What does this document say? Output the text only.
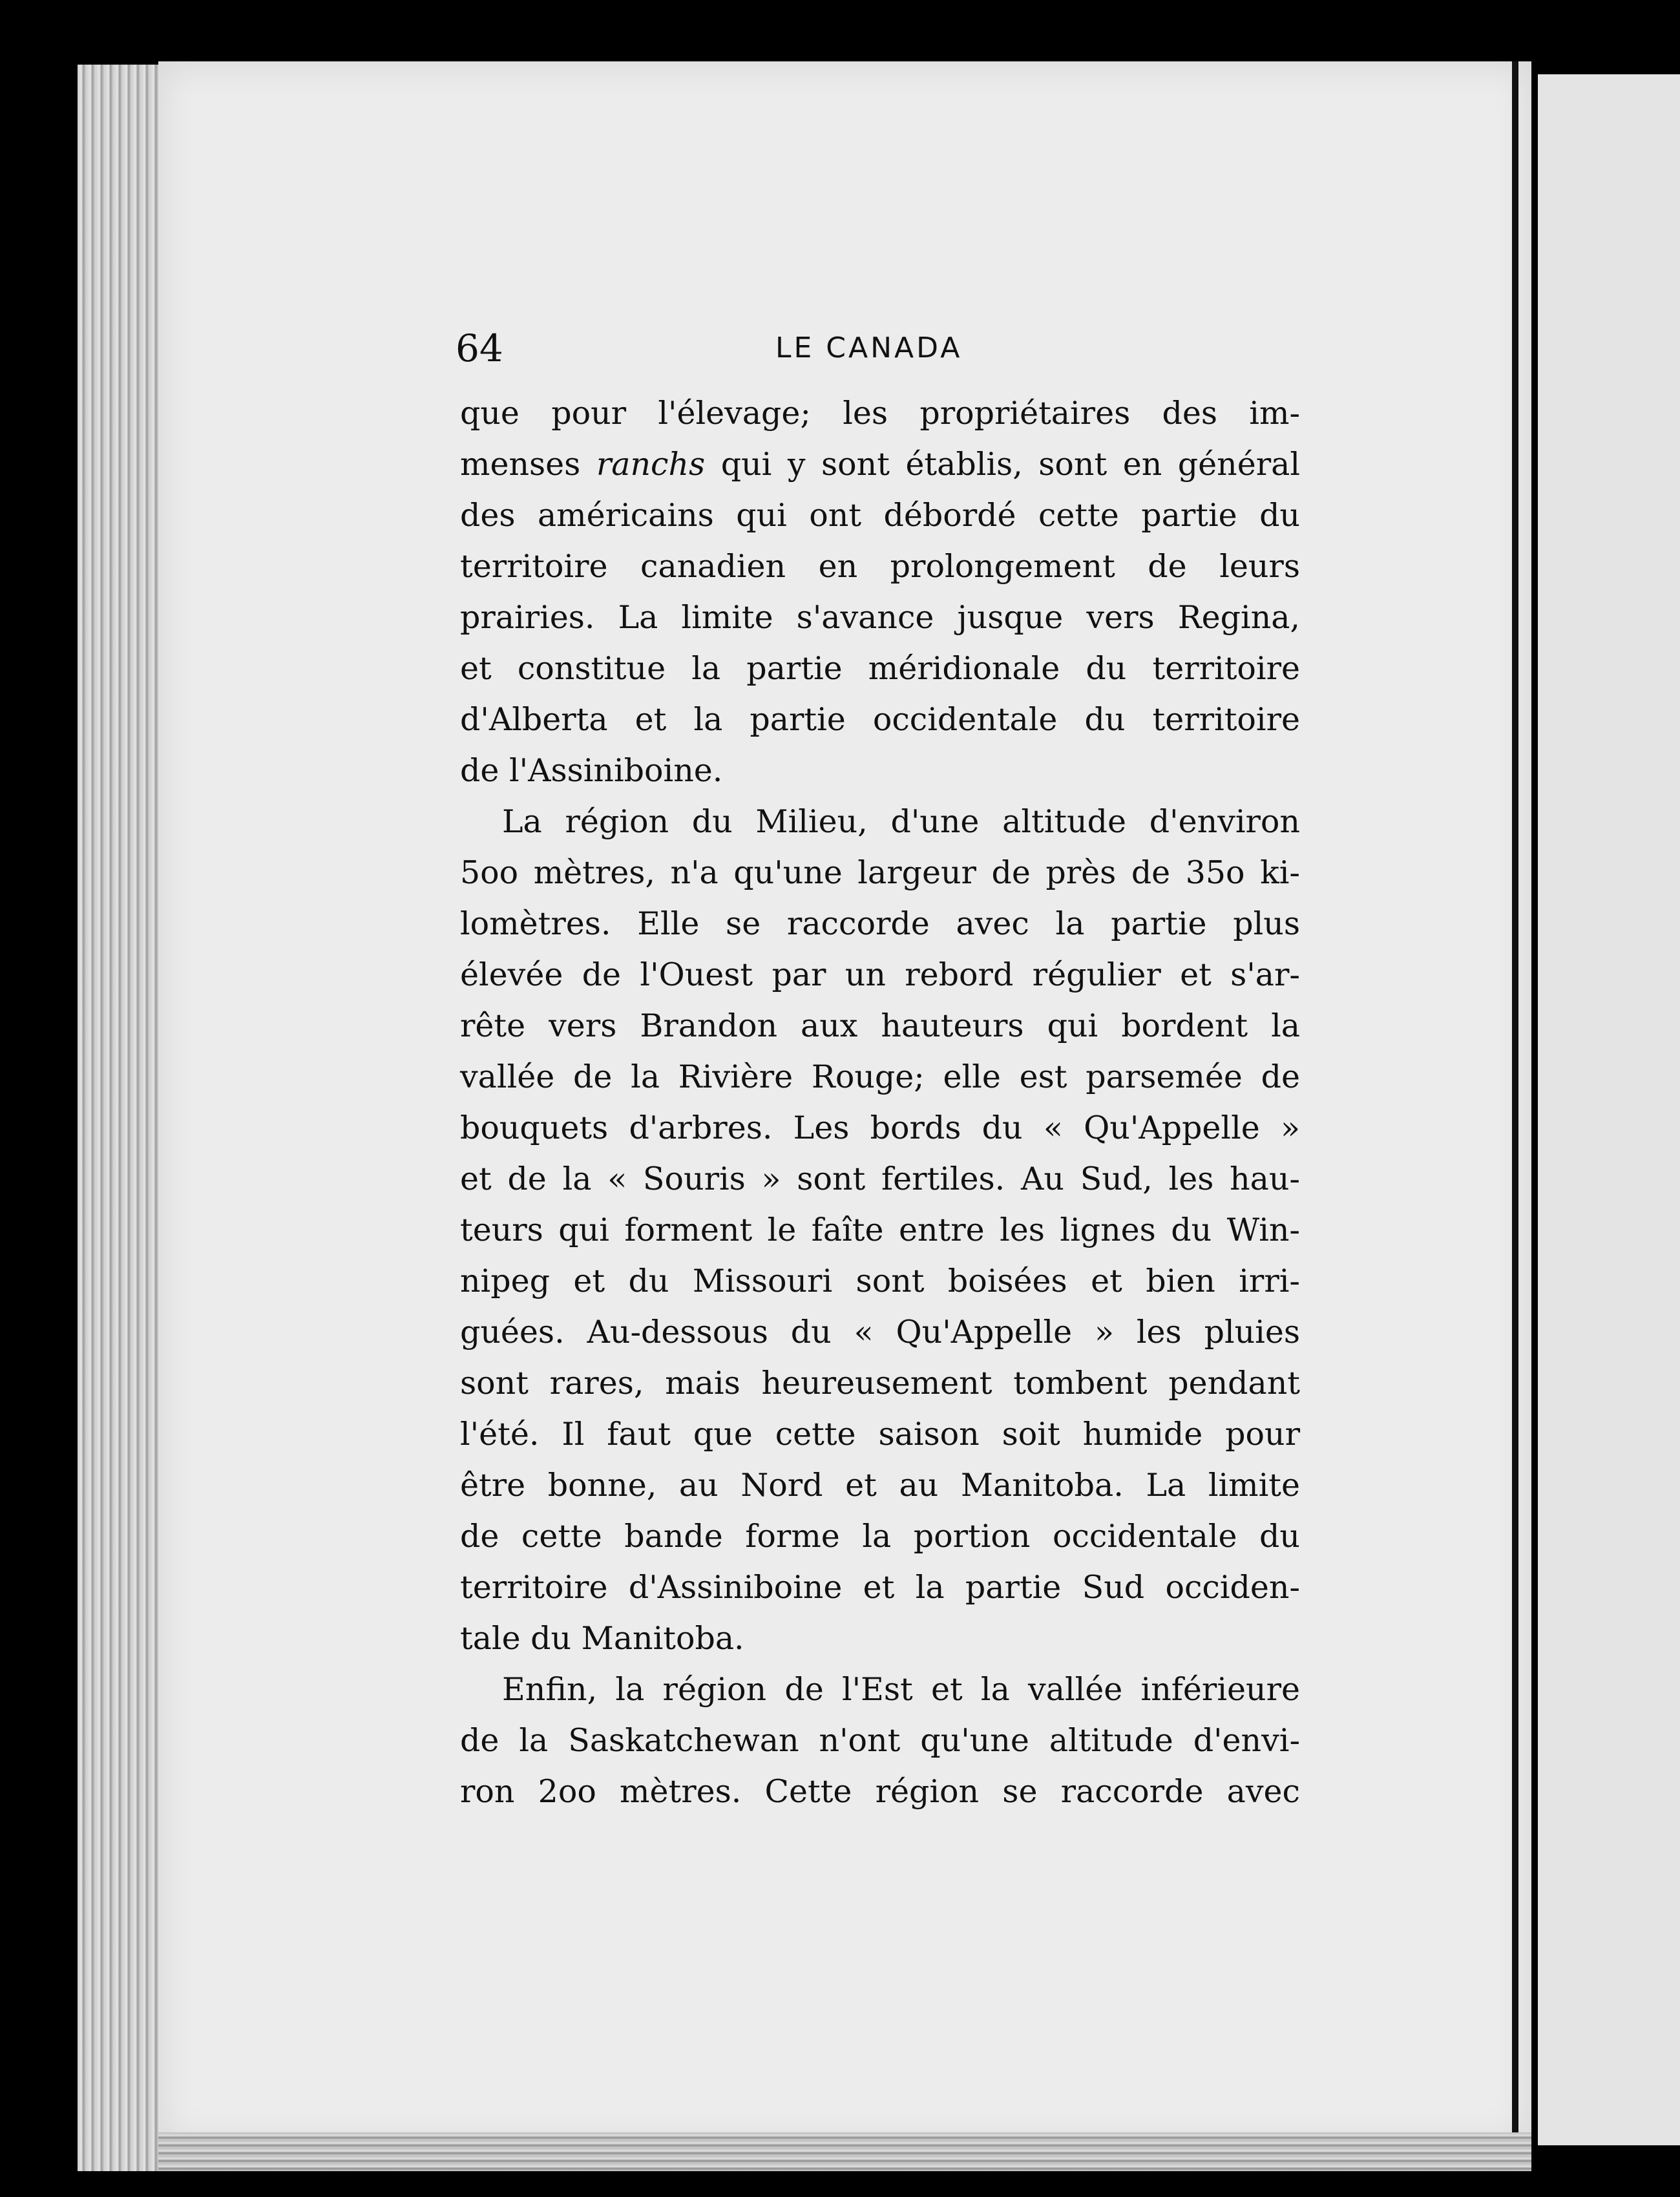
64	LE CANADA
que pour l'élevage; les propriétaires des im-
menses ranchs qui y sont établis, sont en général
des américains qui ont débordé cette partie du
territoire canadien en prolongement de leurs
prairies. La limite s'avance jusque vers Regina,
et constitue la partie méridionale du territoire
d'Alberta et la partie occidentale du territoire
de l'Assiniboine.
La région du Milieu, d'une altitude d'environ
5oo mètres, n'a qu'une largeur de près de 35o ki-
lomètres. Elle se raccorde avec la partie plus
élevée de l'Ouest par un rebord régulier et s'ar-
rête vers Brandon aux hauteurs qui bordent la
vallée de la Rivière Rouge; elle est parsemée de
bouquets d'arbres. Les bords du « Qu'Appelle »
et de la « Souris » sont fertiles. Au Sud, les hau-
teurs qui forment le faîte entre les lignes du Win-
nipeg et du Missouri sont boisées et bien irri-
guées. Au-dessous du « Qu'Appelle » les pluies
sont rares, mais heureusement tombent pendant
l'été. Il faut que cette saison soit humide pour
être bonne, au Nord et au Manitoba. La limite
de cette bande forme la portion occidentale du
territoire d'Assiniboine et la partie Sud occiden-
tale du Manitoba.
Enfin, la région de l'Est et la vallée inférieure
de la Saskatchewan n'ont qu'une altitude d'envi-
ron 2oo mètres. Cette région se raccorde avec
